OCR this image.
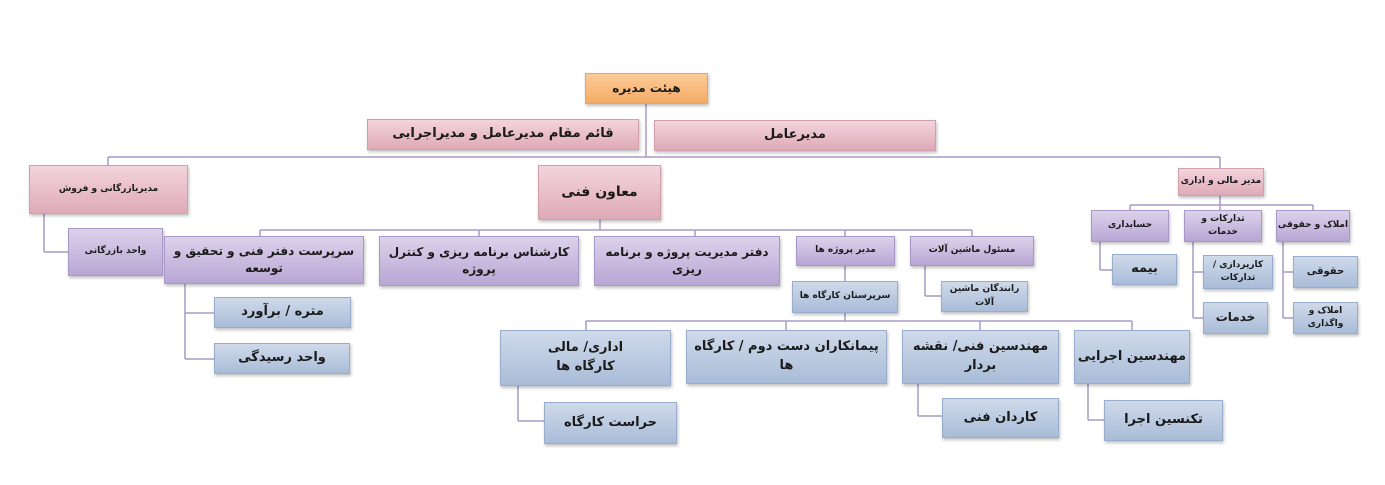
هیئت مدیره
قائم مقام مدیرعامل و مدیراجرایی	مدیرعامل
مدیربازرگانی و فروش
واحد بازرگانی
معاون فنی
مدیر مالی و اداری
حسابداری
تدارکات و خدمات
املاک و حقوقی
بیمه	کارپردازی /تدارکات
خدمات
حقوقی
املاک و واگذاری
سرپرست دفتر فنی و تحقیق و توسعه
کارشناس برنامه ریزی و کنترل پروژه
دفتر مدیریت پروژه و برنامه ریزی
مدیر پروژه ها	مسئول ماشین آلات
سرپرستان کارگاه ها
رانندگان ماشین آلات
متره / برآورد
واحد رسیدگی
اداری/ مالی
کارگاه ها
پیمانکاران دست دوم / کارگاه ها
مهندسین فنی/ نقشه بردار
مهندسین اجرایی
حراست کارگاه	کاردان فنی	تکنسین اجرا
